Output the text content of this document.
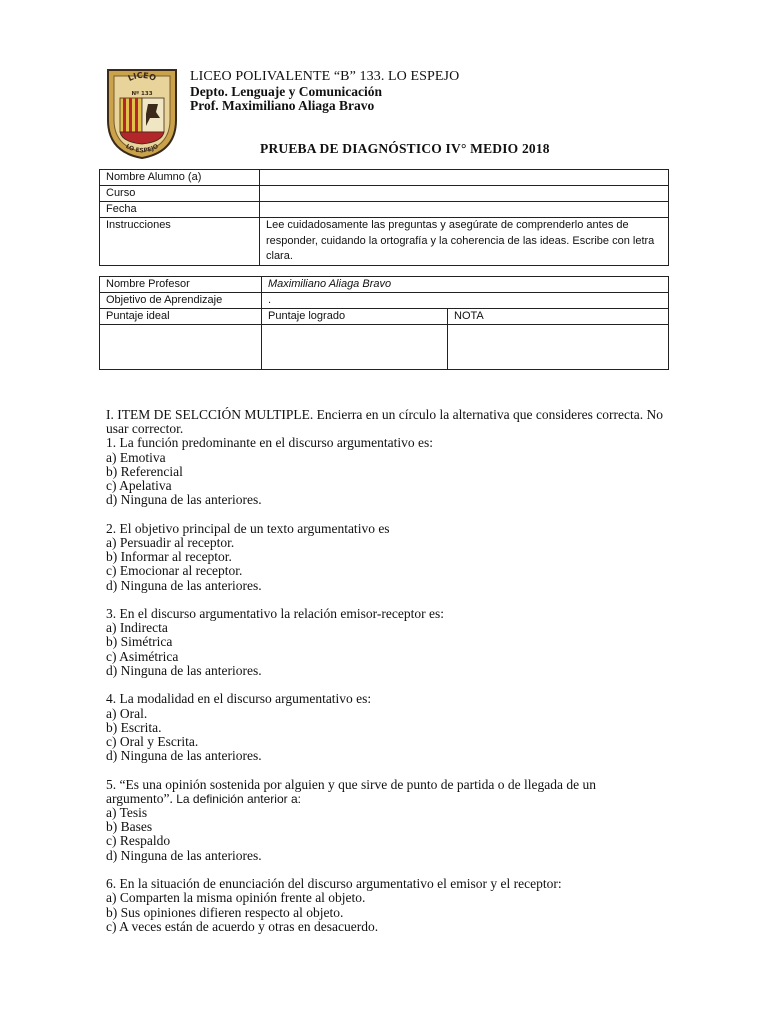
LICEO
Nº 133
LO ESPEJO
LICEO POLIVALENTE “B” 133. LO ESPEJO
Depto. Lenguaje y Comunicación
Prof. Maximiliano Aliaga Bravo
PRUEBA DE DIAGNÓSTICO IV° MEDIO 2018
Nombre Alumno (a)	
Curso	
Fecha	
Instrucciones	Lee cuidadosamente las preguntas y asegúrate de comprenderlo antes de responder, cuidando la ortografía y la coherencia de las ideas. Escribe con letra clara.
Nombre Profesor	Maximiliano Aliaga Bravo	
Objetivo de Aprendizaje	.	
Puntaje ideal	Puntaje logrado	NOTA

I. ITEM DE SELCCIÓN MULTIPLE. Encierra en un círculo la alternativa que consideres correcta. No usar corrector.

1. La función predominante en el discurso argumentativo es:

a) Emotiva

b) Referencial

c) Apelativa

d) Ninguna de las anteriores.

2. El objetivo principal de un texto argumentativo es

a) Persuadir al receptor.

b) Informar al receptor.

c) Emocionar al receptor.

d) Ninguna de las anteriores.

3. En el discurso argumentativo la relación emisor-receptor es:

a) Indirecta

b) Simétrica

c) Asimétrica

d) Ninguna de las anteriores.

4. La modalidad en el discurso argumentativo es:

a) Oral.

b) Escrita.

c) Oral y Escrita.

d) Ninguna de las anteriores.

5. “Es una opinión sostenida por alguien y que sirve de punto de partida o de llegada de un argumento”. La definición anterior a:

a) Tesis

b) Bases

c) Respaldo

d) Ninguna de las anteriores.

6. En la situación de enunciación del discurso argumentativo el emisor y el receptor:

a) Comparten la misma opinión frente al objeto.

b) Sus opiniones difieren respecto al objeto.

c) A veces están de acuerdo y otras en desacuerdo.
